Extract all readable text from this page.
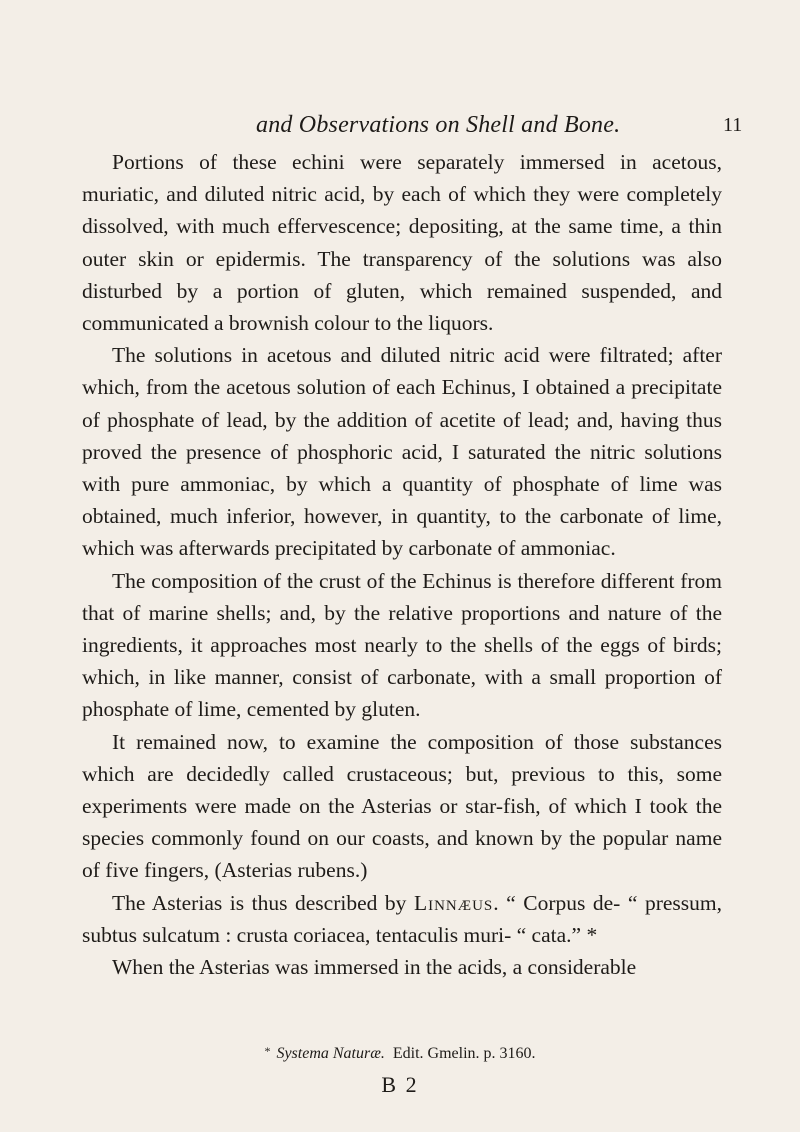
and Observations on Shell and Bone.	11

Portions of these echini were separately immersed in acetous, muriatic, and diluted nitric acid, by each of which they were completely dissolved, with much effervescence; depositing, at the same time, a thin outer skin or epidermis. The transparency of the solutions was also disturbed by a portion of gluten, which remained suspended, and communicated a brownish colour to the liquors.

The solutions in acetous and diluted nitric acid were filtrated; after which, from the acetous solution of each Echinus, I obtained a precipitate of phosphate of lead, by the addition of acetite of lead; and, having thus proved the presence of phosphoric acid, I saturated the nitric solutions with pure ammoniac, by which a quantity of phosphate of lime was obtained, much inferior, however, in quantity, to the carbonate of lime, which was afterwards precipitated by carbonate of ammoniac.

The composition of the crust of the Echinus is therefore different from that of marine shells; and, by the relative proportions and nature of the ingredients, it approaches most nearly to the shells of the eggs of birds; which, in like manner, consist of carbonate, with a small proportion of phosphate of lime, cemented by gluten.

It remained now, to examine the composition of those substances which are decidedly called crustaceous; but, previous to this, some experiments were made on the Asterias or star-fish, of which I took the species commonly found on our coasts, and known by the popular name of five fingers, (Asterias rubens.)

The Asterias is thus described by Linnæus. “ Corpus de- “ pressum, subtus sulcatum : crusta coriacea, tentaculis muri- “ cata.” *

When the Asterias was immersed in the acids, a considerable

* Systema Naturæ. Edit. Gmelin. p. 3160.
B 2
